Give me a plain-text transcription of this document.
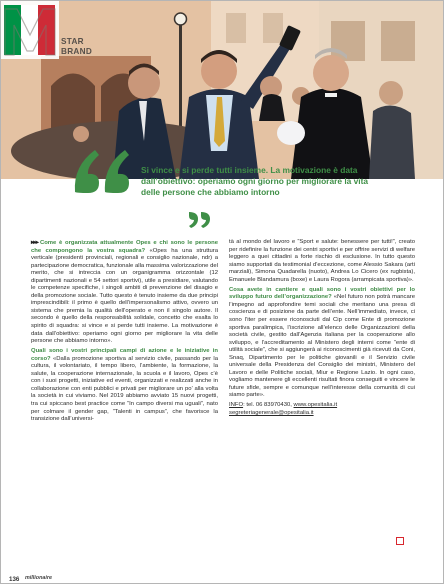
STAR
BRAND
Si vince e si perde tutti insieme. La motivazione è data dall’obiettivo: operiamo ogni giorno per migliorare la vita delle persone che abbiamo intorno

▸▸▸ Come è organizzata attualmente Opes e chi sono le persone che compongono la vostra squadra? «Opes ha una struttura verticale (presidenti provinciali, regionali e consiglio nazionale, ndr) a partecipazione democratica, funzionale alla massima valorizzazione del merito, che si intreccia con un organigramma orizzontale (12 dipartimenti nazionali e 54 settori sportivi), utile a presidiare, valutando le competenze specifiche, i singoli ambiti di prevenzione del disagio e della promozione sociale. Tutto questo è tenuto insieme da due principi imprescindibili: il primo è quello dell’impersonalismo attivo, ovvero un sistema che premia la qualità dell’operato e non il singolo autore. Il secondo è quello della responsabilità solidale, concetto che esalta lo spirito di squadra: si vince e si perde tutti insieme. La motivazione è data dall’obiettivo: operiamo ogni giorno per migliorare la vita delle persone che abbiamo intorno».

Quali sono i vostri principali campi di azione e le iniziative in corso? «Dalla promozione sportiva al servizio civile, passando per la cultura, il volontariato, il tempo libero, l’ambiente, la formazione, la salute, la cooperazione internazionale, la scuola e il lavoro, Opes c’è con i suoi progetti, iniziative ed eventi, organizzati e realizzati anche in collaborazione con enti pubblici e privati per migliorare un po’ alla volta la società in cui viviamo. Nel 2019 abbiamo avviato 15 nuovi progetti, tra cui spiccano best practice come “In campo diversi ma uguali”, nato per colmare il gender gap, “Talenti in campus”, che favorisce la transizione dall’universi-

tà al mondo del lavoro e “Sport e salute: benessere per tutti!”, creato per ridefinire la funzione dei centri sportivi e per offrire servizi di welfare leggero a quei cittadini a forte rischio di esclusione. In tutto questo siamo supportati da testimonial d’eccezione, come Alessio Sakara (arti marziali), Simona Quadarella (nuoto), Andrea Lo Cicero (ex rugbista), Emanuele Blandamura (boxe) e Laura Rogora (arrampicata sportiva)».

Cosa avete in cantiere e quali sono i vostri obiettivi per lo sviluppo futuro dell’organizzazione? «Nel futuro non potrà mancare l’impegno ad approfondire temi sociali che meritano una presa di coscienza e di posizione da parte dell’ente. Nell’immediato, invece, ci sono l’iter per essere riconosciuti dal Cip come Ente di promozione sportiva paralimpica, l’iscrizione all’elenco delle Organizzazioni della società civile, gestito dall’Agenzia italiana per la cooperazione allo sviluppo, e l’accreditamento al Ministero degli interni come “ente di utilità sociale”, che si aggiungerà ai riconoscimenti già ricevuti da Coni, Snaq, Dipartimento per le politiche giovanili e il Servizio civile universale della Presidenza del Consiglio dei ministri, Ministero del Lavoro e delle Politiche sociali, Miur e Regione Lazio. In ogni caso, vogliamo mantenere gli eccellenti risultati finora conseguiti e vincere le future sfide, sempre e comunque nell’interesse della comunità di cui siamo parte».

INFO: tel. 06 83970430, www.opesitalia.it
segreteriagenerale@opesitalia.it

136 millionaire
